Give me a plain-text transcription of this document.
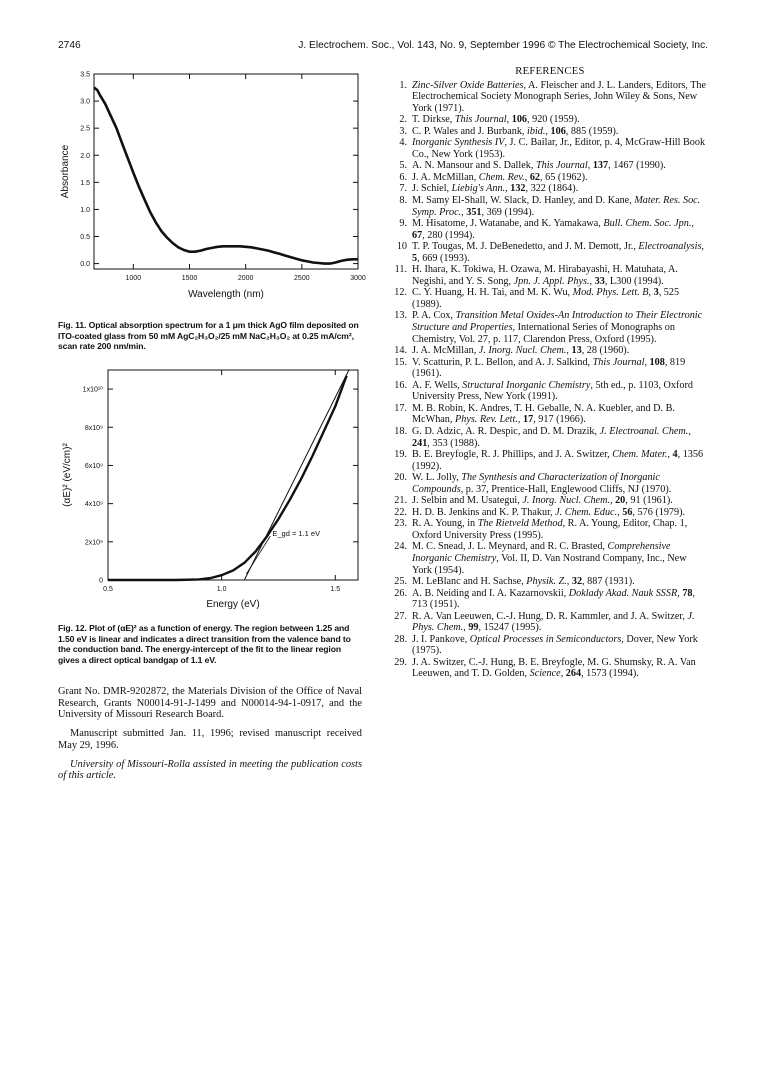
2746	J. Electrochem. Soc., Vol. 143, No. 9, September 1996 © The Electrochemical Society, Inc.
0.0
0.5
1.0
1.5
2.0
2.5
3.0
3.5
1000	1500	2000	2500	3000
Wavelength (nm)
Absorbance
Fig. 11. Optical absorption spectrum for a 1 μm thick AgO film deposited on ITO-coated glass from 50 mM AgC₂H₃O₂/25 mM NaC₂H₃O₂ at 0.25 mA/cm², scan rate 200 nm/min.
0
2x10⁹
4x10⁹
6x10⁹
8x10⁹
1x10¹⁰
0.5	1.0	1.5
Energy (eV)
(αE)² (eV/cm)²
E_gd = 1.1 eV
Fig. 12. Plot of (αE)² as a function of energy. The region between 1.25 and 1.50 eV is linear and indicates a direct transition from the valence band to the conduction band. The energy-intercept of the fit to the linear region gives a direct optical bandgap of 1.1 eV.

Grant No. DMR-9202872, the Materials Division of the Office of Naval Research, Grants N00014-91-J-1499 and N00014-94-1-0917, and the University of Missouri Research Board.

Manuscript submitted Jan. 11, 1996; revised manuscript received May 29, 1996.

University of Missouri-Rolla assisted in meeting the publication costs of this article.

REFERENCES
1. Zinc-Silver Oxide Batteries, A. Fleischer and J. L. Landers, Editors, The Electrochemical Society Monograph Series, John Wiley & Sons, New York (1971).
2. T. Dirkse, This Journal, 106, 920 (1959).
3. C. P. Wales and J. Burbank, ibid., 106, 885 (1959).
4. Inorganic Synthesis IV, J. C. Bailar, Jr., Editor, p. 4, McGraw-Hill Book Co., New York (1953).
5. A. N. Mansour and S. Dallek, This Journal, 137, 1467 (1990).
6. J. A. McMillan, Chem. Rev., 62, 65 (1962).
7. J. Schiel, Liebig's Ann., 132, 322 (1864).
8. M. Samy El-Shall, W. Slack, D. Hanley, and D. Kane, Mater. Res. Soc. Symp. Proc., 351, 369 (1994).
9. M. Hisatome, J. Watanabe, and K. Yamakawa, Bull. Chem. Soc. Jpn., 67, 280 (1994).
10 T. P. Tougas, M. J. DeBenedetto, and J. M. Demott, Jr., Electroanalysis, 5, 669 (1993).
11. H. Ihara, K. Tokiwa, H. Ozawa, M. Hirabayashi, H. Matuhata, A. Negishi, and Y. S. Song, Jpn. J. Appl. Phys., 33, L300 (1994).
12. C. Y. Huang, H. H. Tai, and M. K. Wu, Mod. Phys. Lett. B, 3, 525 (1989).
13. P. A. Cox, Transition Metal Oxides-An Introduction to Their Electronic Structure and Properties, International Series of Monographs on Chemistry, Vol. 27, p. 117, Clarendon Press, Oxford (1995).
14. J. A. McMillan, J. Inorg. Nucl. Chem., 13, 28 (1960).
15. V. Scatturin, P. L. Bellon, and A. J. Salkind, This Journal, 108, 819 (1961).
16. A. F. Wells, Structural Inorganic Chemistry, 5th ed., p. 1103, Oxford University Press, New York (1991).
17. M. B. Robin, K. Andres, T. H. Geballe, N. A. Kuebler, and D. B. McWhan, Phys. Rev. Lett., 17, 917 (1966).
18. G. D. Adzic, A. R. Despic, and D. M. Drazik, J. Electroanal. Chem., 241, 353 (1988).
19. B. E. Breyfogle, R. J. Phillips, and J. A. Switzer, Chem. Mater., 4, 1356 (1992).
20. W. L. Jolly, The Synthesis and Characterization of Inorganic Compounds, p. 37, Prentice-Hall, Englewood Cliffs, NJ (1970).
21. J. Selbin and M. Usategui, J. Inorg. Nucl. Chem., 20, 91 (1961).
22. H. D. B. Jenkins and K. P. Thakur, J. Chem. Educ., 56, 576 (1979).
23. R. A. Young, in The Rietveld Method, R. A. Young, Editor, Chap. 1, Oxford University Press (1995).
24. M. C. Snead, J. L. Meynard, and R. C. Brasted, Comprehensive Inorganic Chemistry, Vol. II, D. Van Nostrand Company, Inc., New York (1954).
25. M. LeBlanc and H. Sachse, Physik. Z., 32, 887 (1931).
26. A. B. Neiding and I. A. Kazarnovskii, Doklady Akad. Nauk SSSR, 78, 713 (1951).
27. R. A. Van Leeuwen, C.-J. Hung, D. R. Kammler, and J. A. Switzer, J. Phys. Chem., 99, 15247 (1995).
28. J. I. Pankove, Optical Processes in Semiconductors, Dover, New York (1975).
29. J. A. Switzer, C.-J. Hung, B. E. Breyfogle, M. G. Shumsky, R. A. Van Leeuwen, and T. D. Golden, Science, 264, 1573 (1994).
